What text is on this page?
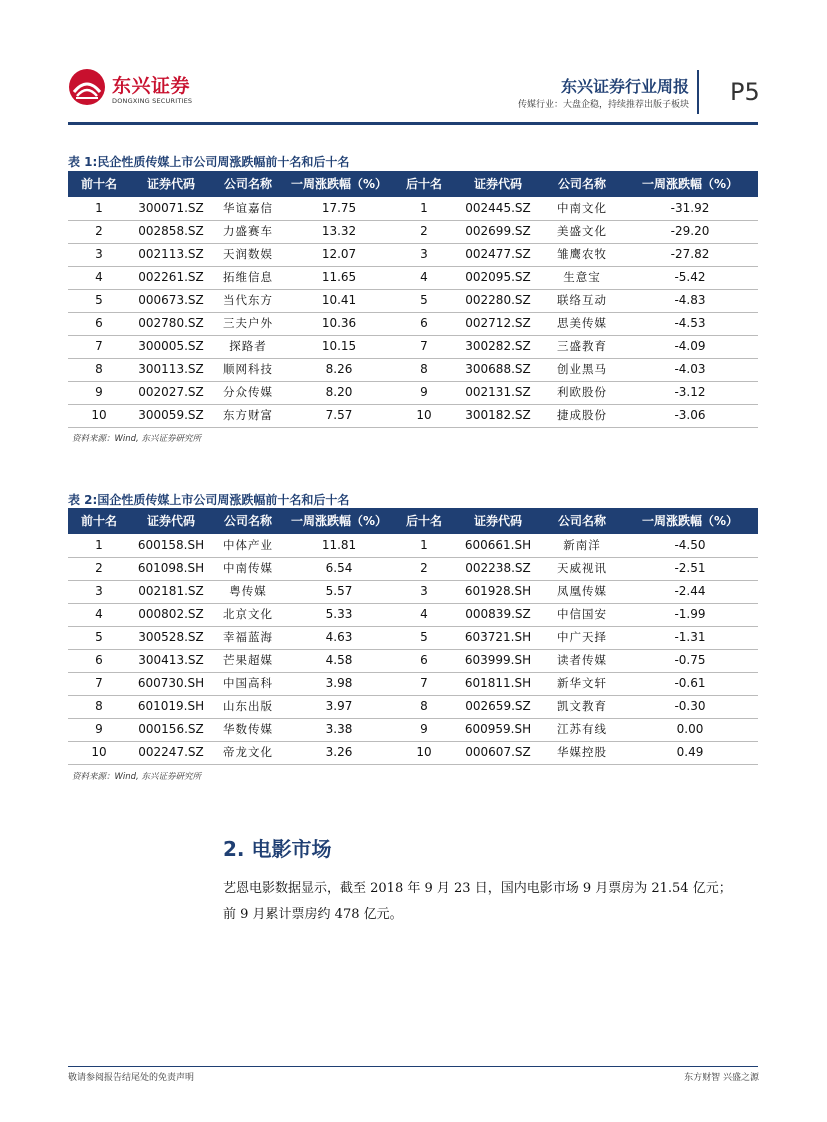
东兴证券
DONGXING SECURITIES
东兴证券行业周报
传媒行业：大盘企稳，持续推荐出版子板块 P5
表 1:民企性质传媒上市公司周涨跌幅前十名和后十名
前十名	证券代码	公司名称	一周涨跌幅（%）	后十名	证券代码	公司名称	一周涨跌幅（%）
1	300071.SZ	华谊嘉信	17.75	1	002445.SZ	中南文化	-31.92
2	002858.SZ	力盛赛车	13.32	2	002699.SZ	美盛文化	-29.20
3	002113.SZ	天润数娱	12.07	3	002477.SZ	雏鹰农牧	-27.82
4	002261.SZ	拓维信息	11.65	4	002095.SZ	生意宝	-5.42
5	000673.SZ	当代东方	10.41	5	002280.SZ	联络互动	-4.83
6	002780.SZ	三夫户外	10.36	6	002712.SZ	思美传媒	-4.53
7	300005.SZ	探路者	10.15	7	300282.SZ	三盛教育	-4.09
8	300113.SZ	顺网科技	8.26	8	300688.SZ	创业黑马	-4.03
9	002027.SZ	分众传媒	8.20	9	002131.SZ	利欧股份	-3.12
10	300059.SZ	东方财富	7.57	10	300182.SZ	捷成股份	-3.06
资料来源：Wind, 东兴证券研究所
表 2:国企性质传媒上市公司周涨跌幅前十名和后十名
前十名	证券代码	公司名称	一周涨跌幅（%）	后十名	证券代码	公司名称	一周涨跌幅（%）
1	600158.SH	中体产业	11.81	1	600661.SH	新南洋	-4.50
2	601098.SH	中南传媒	6.54	2	002238.SZ	天威视讯	-2.51
3	002181.SZ	粤传媒	5.57	3	601928.SH	凤凰传媒	-2.44
4	000802.SZ	北京文化	5.33	4	000839.SZ	中信国安	-1.99
5	300528.SZ	幸福蓝海	4.63	5	603721.SH	中广天择	-1.31
6	300413.SZ	芒果超媒	4.58	6	603999.SH	读者传媒	-0.75
7	600730.SH	中国高科	3.98	7	601811.SH	新华文轩	-0.61
8	601019.SH	山东出版	3.97	8	002659.SZ	凯文教育	-0.30
9	000156.SZ	华数传媒	3.38	9	600959.SH	江苏有线	0.00
10	002247.SZ	帝龙文化	3.26	10	000607.SZ	华媒控股	0.49
资料来源：Wind, 东兴证券研究所
2. 电影市场
艺恩电影数据显示，截至 2018 年 9 月 23 日，国内电影市场 9 月票房为 21.54 亿元；
前 9 月累计票房约 478 亿元。
敬请参阅报告结尾处的免责声明	东方财智 兴盛之源
